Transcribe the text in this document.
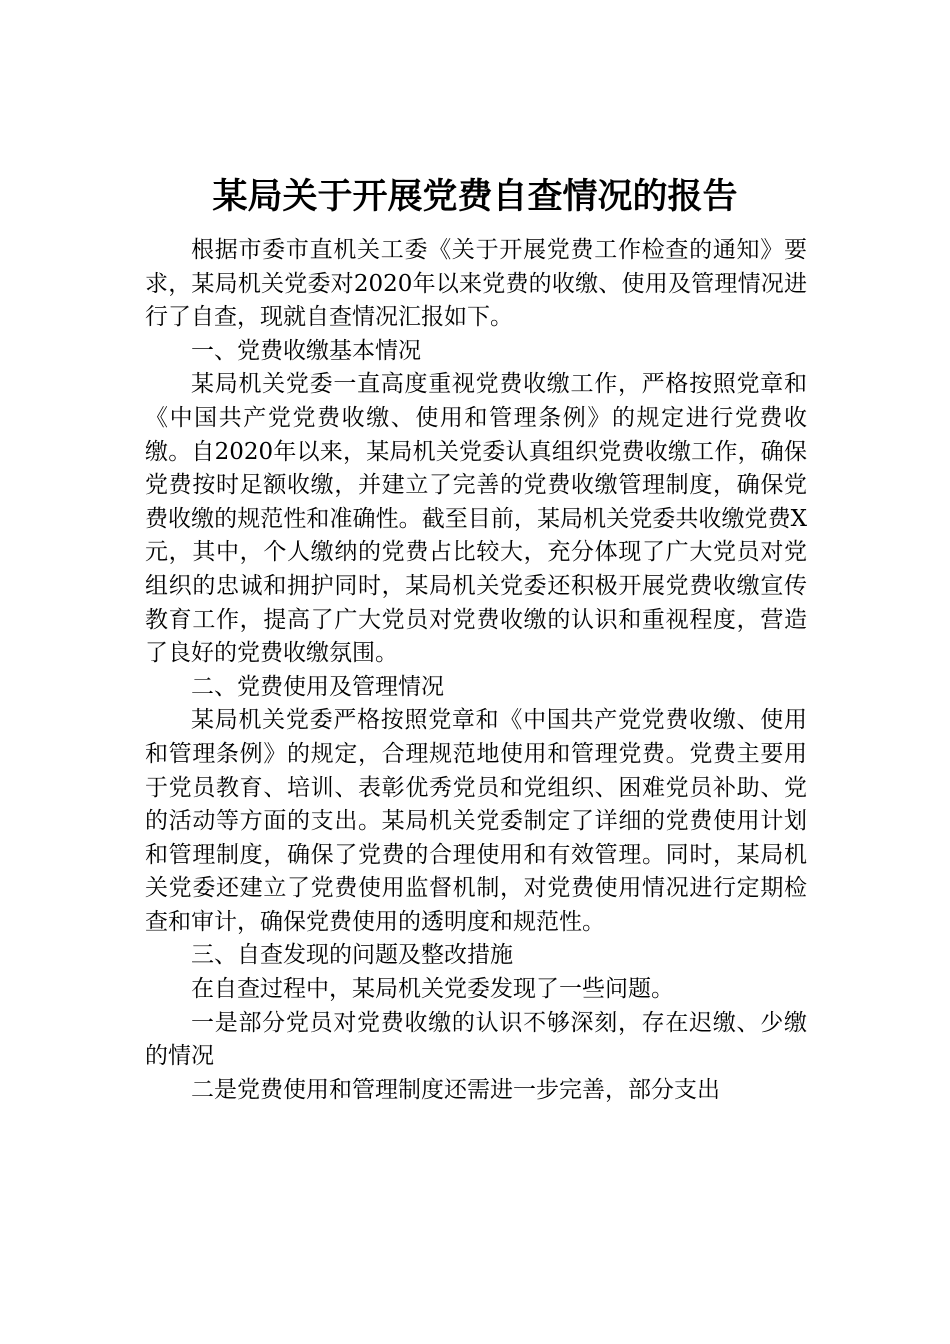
某局关于开展党费自查情况的报告

根据市委市直机关工委《关于开展党费工作检查的通知》要求，某局机关党委对2020年以来党费的收缴、使用及管理情况进行了自查，现就自查情况汇报如下。

一、党费收缴基本情况

某局机关党委一直高度重视党费收缴工作，严格按照党章和《中国共产党党费收缴、使用和管理条例》的规定进行党费收缴。自2020年以来，某局机关党委认真组织党费收缴工作，确保党费按时足额收缴，并建立了完善的党费收缴管理制度，确保党费收缴的规范性和准确性。截至目前，某局机关党委共收缴党费X元，其中，个人缴纳的党费占比较大，充分体现了广大党员对党组织的忠诚和拥护同时，某局机关党委还积极开展党费收缴宣传教育工作，提高了广大党员对党费收缴的认识和重视程度，营造了良好的党费收缴氛围。

二、党费使用及管理情况

某局机关党委严格按照党章和《中国共产党党费收缴、使用和管理条例》的规定，合理规范地使用和管理党费。党费主要用于党员教育、培训、表彰优秀党员和党组织、困难党员补助、党的活动等方面的支出。某局机关党委制定了详细的党费使用计划和管理制度，确保了党费的合理使用和有效管理。同时，某局机关党委还建立了党费使用监督机制，对党费使用情况进行定期检查和审计，确保党费使用的透明度和规范性。

三、自查发现的问题及整改措施

在自查过程中，某局机关党委发现了一些问题。

一是部分党员对党费收缴的认识不够深刻，存在迟缴、少缴的情况

二是党费使用和管理制度还需进一步完善，部分支出
